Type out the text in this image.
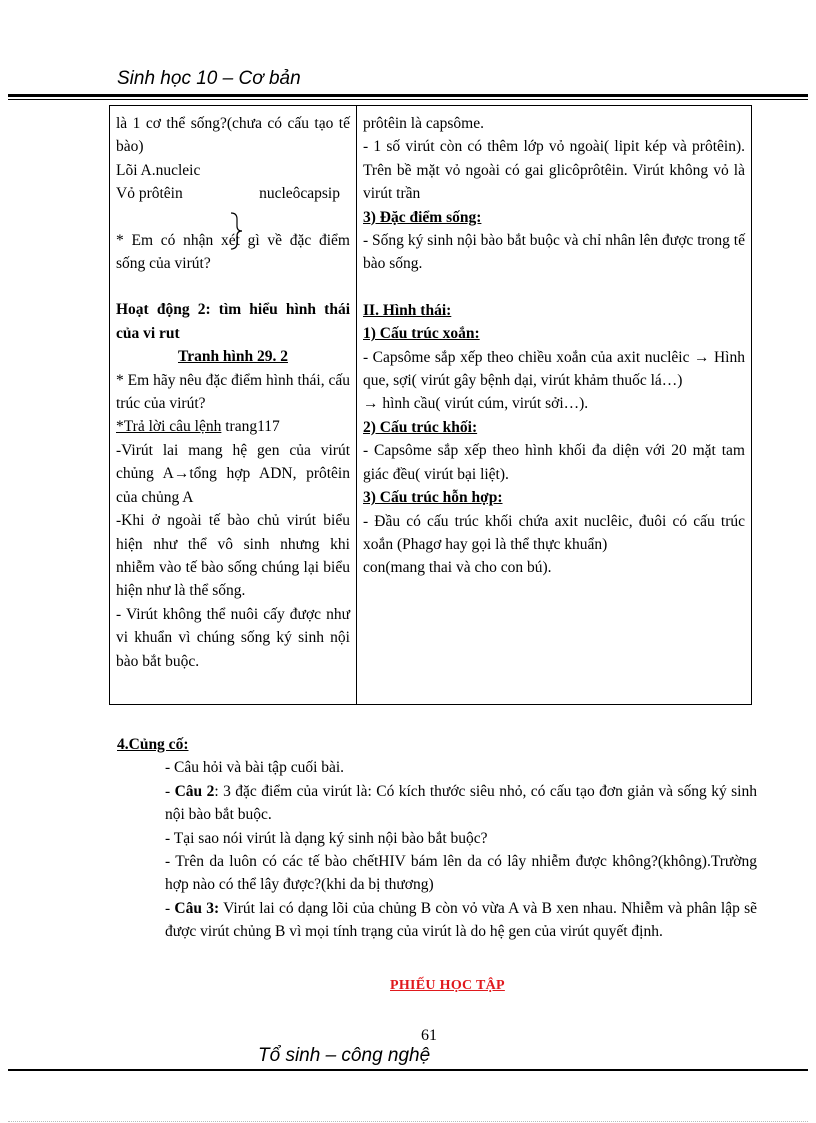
Sinh học 10 – Cơ bản

là 1 cơ thể sống?(chưa có cấu tạo tế bào)

Lõi A.nucleic

Vỏ prôtêin	nucleôcapsip

* Em có nhận xét gì về đặc điểm sống của virút?

Hoạt động 2: tìm hiểu hình thái của vi rut

Tranh hình 29. 2

* Em hãy nêu đặc điểm hình thái, cấu trúc của virút?

*Trả lời câu lệnh trang117

-Virút lai mang hệ gen của virút chủng A→tổng hợp ADN, prôtêin của chủng A

-Khi ở ngoài tế bào chủ virút biểu hiện như thể vô sinh nhưng khi nhiễm vào tế bào sống chúng lại biểu hiện như là thể sống.

- Virút không thể nuôi cấy được như vi khuẩn vì chúng sống ký sinh nội bào bắt buộc.

prôtêin là capsôme.

- 1 số virút còn có thêm lớp vỏ ngoài( lipit kép và prôtêin). Trên bề mặt vỏ ngoài có gai glicôprôtêin. Virút không vỏ là virút trần

3) Đặc điểm sống:

- Sống ký sinh nội bào bắt buộc và chỉ nhân lên được trong tế bào sống.

II. Hình thái:

1) Cấu trúc xoắn:

- Capsôme sắp xếp theo chiều xoắn của axit nuclêic → Hình que, sợi( virút gây bệnh dại, virút khảm thuốc lá…)

→ hình cầu( virút cúm, virút sởi…).

2) Cấu trúc khối:

- Capsôme sắp xếp theo hình khối đa diện với 20 mặt tam giác đều( virút bại liệt).

3) Cấu trúc hỗn hợp:

- Đầu có cấu trúc khối chứa axit nuclêic, đuôi có cấu trúc xoắn (Phagơ hay gọi là thể thực khuẩn)

con(mang thai và cho con bú).

4.Củng cố:

- Câu hỏi và bài tập cuối bài.

- Câu 2: 3 đặc điểm của virút là: Có kích thước siêu nhỏ, có cấu tạo đơn giản và sống ký sinh nội bào bắt buộc.

- Tại sao nói virút là dạng ký sinh nội bào bắt buộc?

- Trên da luôn có các tế bào chếtHIV bám lên da có lây nhiễm được không?(không).Trường hợp nào có thể lây được?(khi da bị thương)

- Câu 3: Virút lai có dạng lõi của chủng B còn vỏ vừa A và B xen nhau. Nhiễm và phân lập sẽ được virút chủng B vì mọi tính trạng của virút là do hệ gen của virút quyết định.

PHIẾU HỌC TẬP
61
Tổ sinh – công nghệ
